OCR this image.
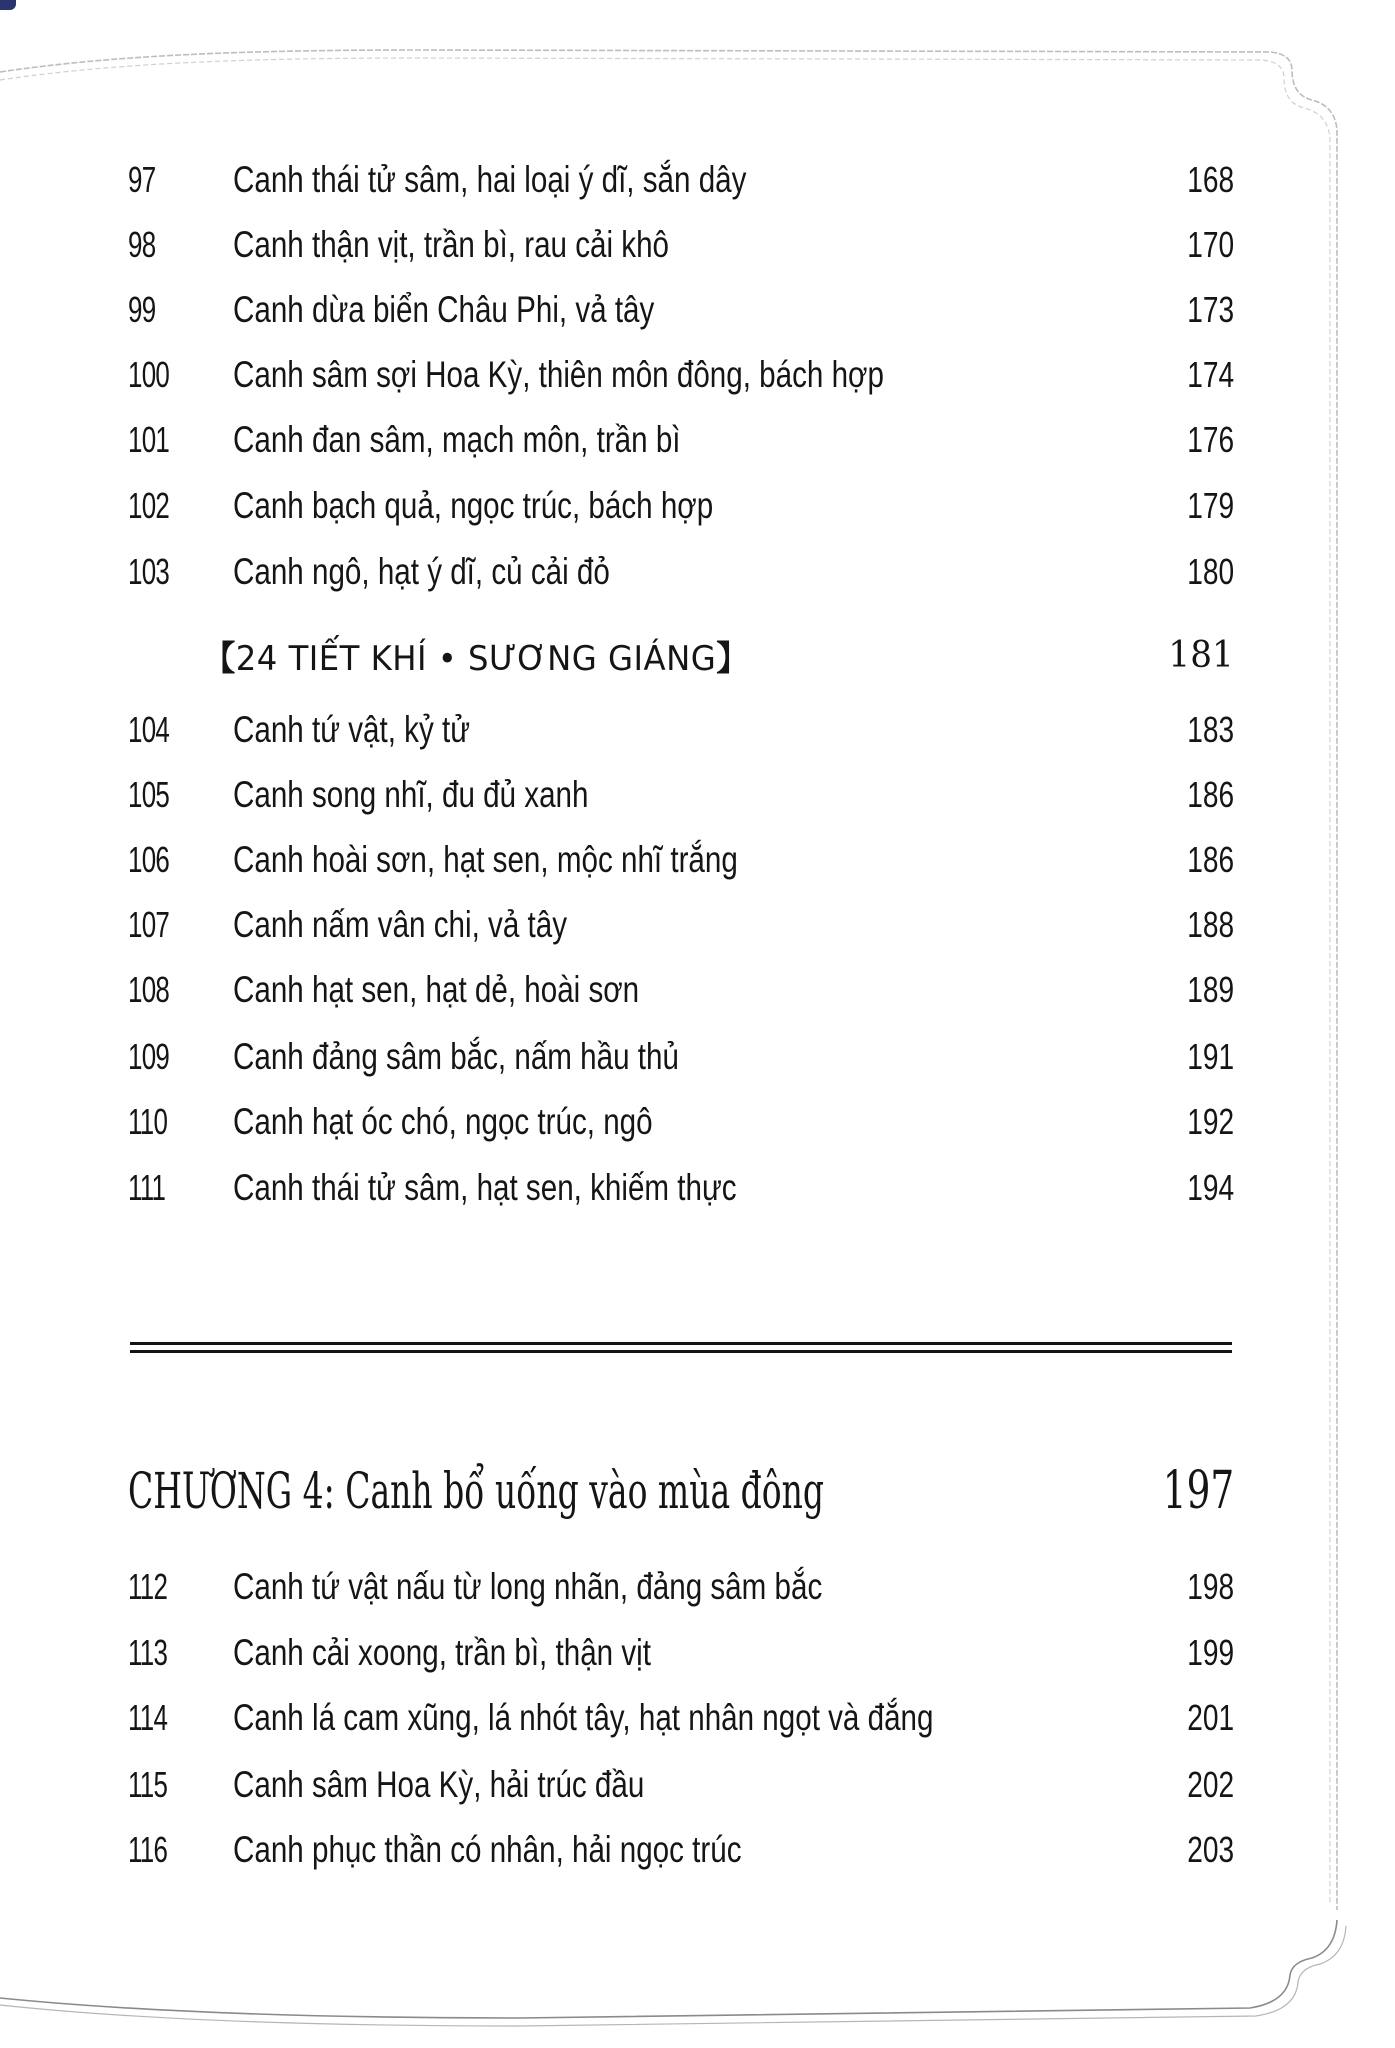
97	Canh thái tử sâm, hai loại ý dĩ, sắn dây	168
98	Canh thận vịt, trần bì, rau cải khô	170
99	Canh dừa biển Châu Phi, vả tây	173
100	Canh sâm sợi Hoa Kỳ, thiên môn đông, bách hợp	174
101	Canh đan sâm, mạch môn, trần bì	176
102	Canh bạch quả, ngọc trúc, bách hợp	179
103	Canh ngô, hạt ý dĩ, củ cải đỏ	180
【24 TIẾT KHÍ • SƯƠNG GIÁNG】	181
104	Canh tứ vật, kỷ tử	183
105	Canh song nhĩ, đu đủ xanh	186
106	Canh hoài sơn, hạt sen, mộc nhĩ trắng	186
107	Canh nấm vân chi, vả tây	188
108	Canh hạt sen, hạt dẻ, hoài sơn	189
109	Canh đảng sâm bắc, nấm hầu thủ	191
110	Canh hạt óc chó, ngọc trúc, ngô	192
111	Canh thái tử sâm, hạt sen, khiếm thực	194
CHƯƠNG 4: Canh bổ uống vào mùa đông	197
112	Canh tứ vật nấu từ long nhãn, đảng sâm bắc	198
113	Canh cải xoong, trần bì, thận vịt	199
114	Canh lá cam xũng, lá nhót tây, hạt nhân ngọt và đắng	201
115	Canh sâm Hoa Kỳ, hải trúc đầu	202
116	Canh phục thần có nhân, hải ngọc trúc	203
